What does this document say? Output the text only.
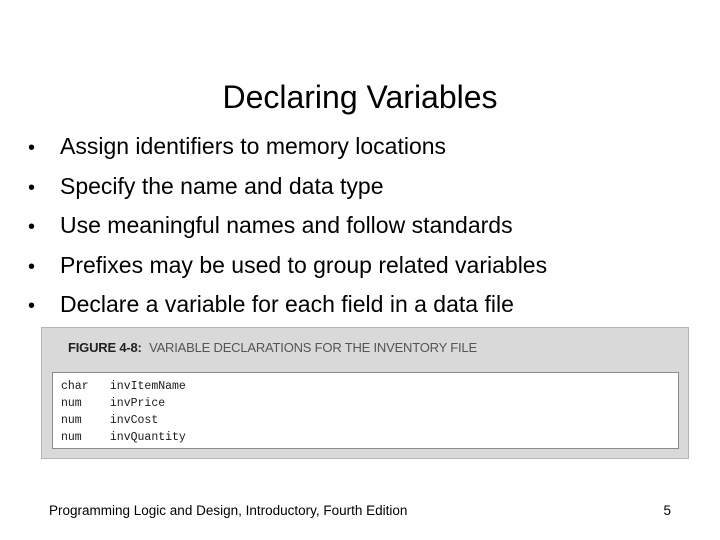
Declaring Variables
•	Assign identifiers to memory locations
•	Specify the name and data type
•	Use meaningful names and follow standards
•	Prefixes may be used to group related variables
•	Declare a variable for each field in a data file
FIGURE 4-8: VARIABLE DECLARATIONS FOR THE INVENTORY FILE
char invItemName
num invPrice
num invCost
num invQuantity
Programming Logic and Design, Introductory, Fourth Edition	5
